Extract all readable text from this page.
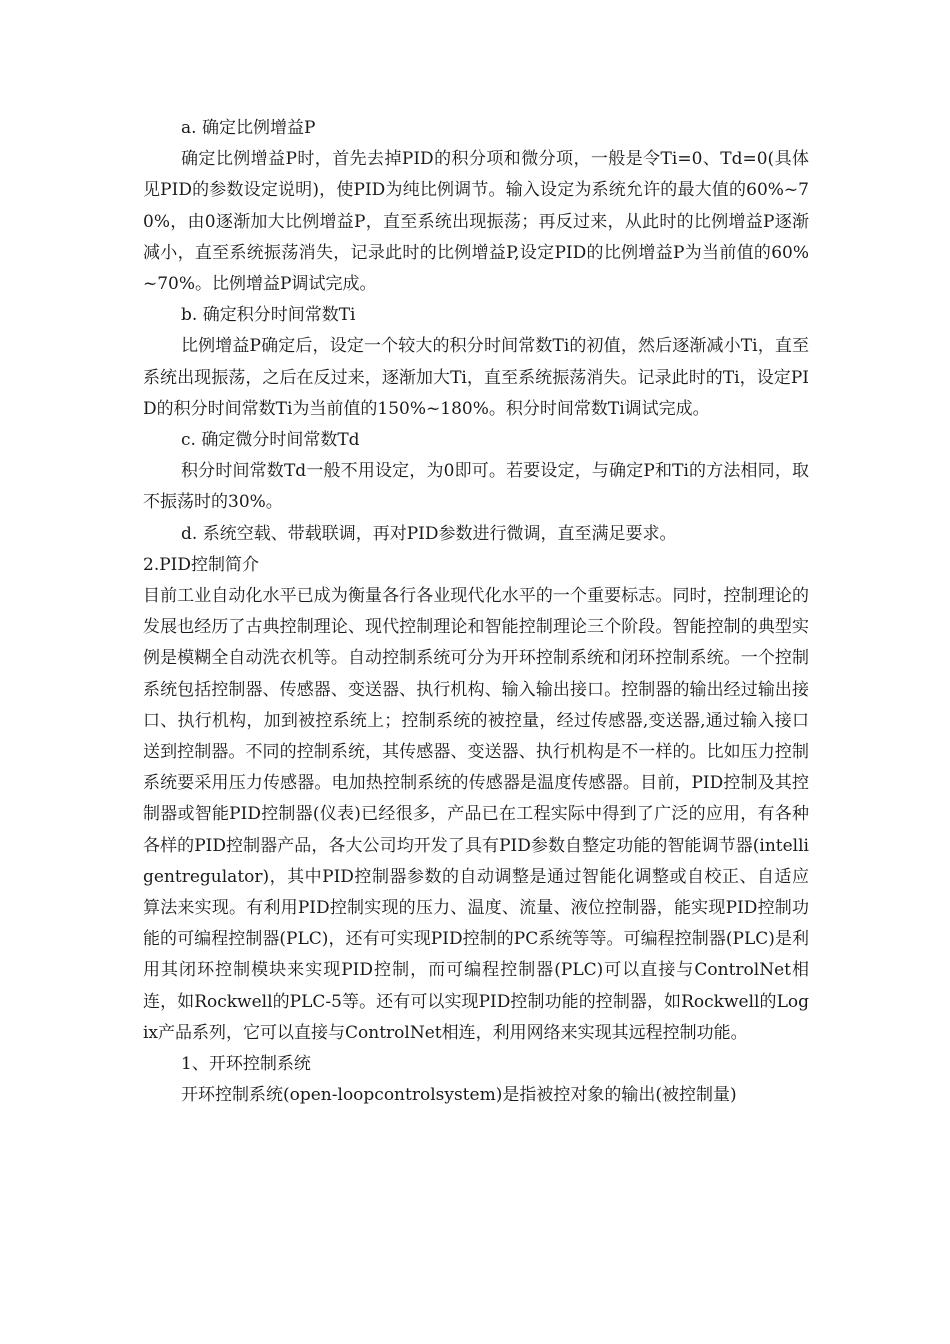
a. 确定比例增益P

确定比例增益P时，首先去掉PID的积分项和微分项，一般是令Ti=0、Td=0(具体见PID的参数设定说明)，使PID为纯比例调节。输入设定为系统允许的最大值的60%~70%，由0逐渐加大比例增益P，直至系统出现振荡；再反过来，从此时的比例增益P逐渐减小，直至系统振荡消失，记录此时的比例增益P,设定PID的比例增益P为当前值的60%~70%。比例增益P调试完成。

b. 确定积分时间常数Ti

比例增益P确定后，设定一个较大的积分时间常数Ti的初值，然后逐渐减小Ti，直至系统出现振荡，之后在反过来，逐渐加大Ti，直至系统振荡消失。记录此时的Ti，设定PID的积分时间常数Ti为当前值的150%~180%。积分时间常数Ti调试完成。

c. 确定微分时间常数Td

积分时间常数Td一般不用设定，为0即可。若要设定，与确定P和Ti的方法相同，取不振荡时的30%。

d. 系统空载、带载联调，再对PID参数进行微调，直至满足要求。

2.PID控制简介

目前工业自动化水平已成为衡量各行各业现代化水平的一个重要标志。同时，控制理论的发展也经历了古典控制理论、现代控制理论和智能控制理论三个阶段。智能控制的典型实例是模糊全自动洗衣机等。自动控制系统可分为开环控制系统和闭环控制系统。一个控制系统包括控制器、传感器、变送器、执行机构、输入输出接口。控制器的输出经过输出接口、执行机构，加到被控系统上；控制系统的被控量，经过传感器,变送器,通过输入接口送到控制器。不同的控制系统，其传感器、变送器、执行机构是不一样的。比如压力控制系统要采用压力传感器。电加热控制系统的传感器是温度传感器。目前，PID控制及其控制器或智能PID控制器(仪表)已经很多，产品已在工程实际中得到了广泛的应用，有各种各样的PID控制器产品，各大公司均开发了具有PID参数自整定功能的智能调节器(intelligentregulator)，其中PID控制器参数的自动调整是通过智能化调整或自校正、自适应算法来实现。有利用PID控制实现的压力、温度、流量、液位控制器，能实现PID控制功能的可编程控制器(PLC)，还有可实现PID控制的PC系统等等。可编程控制器(PLC)是利用其闭环控制模块来实现PID控制，而可编程控制器(PLC)可以直接与ControlNet相连，如Rockwell的PLC-5等。还有可以实现PID控制功能的控制器，如Rockwell的Logix产品系列，它可以直接与ControlNet相连，利用网络来实现其远程控制功能。

1、开环控制系统

开环控制系统(open-loopcontrolsystem)是指被控对象的输出(被控制量)
